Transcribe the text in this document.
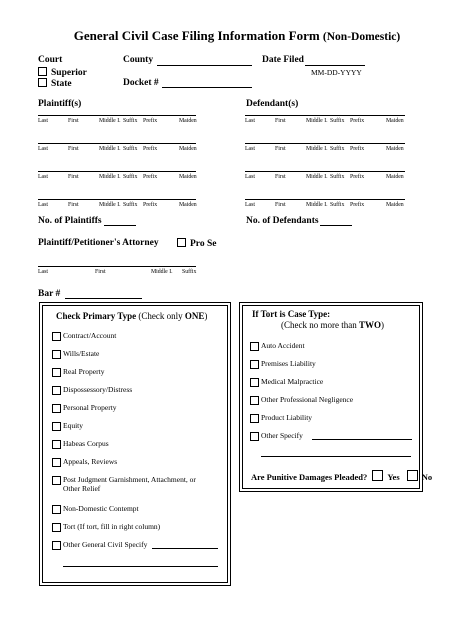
General Civil Case Filing Information Form (Non-Domestic)
Court
Superior
State
County
Docket #
Date Filed
MM-DD-YYYY
Plaintiff(s)	Defendant(s)
Last	First	Middle I. Suffix Prefix	Maiden
Last	First	Middle I. Suffix Prefix	Maiden
Last	First	Middle I. Suffix Prefix	Maiden
Last	First	Middle I. Suffix Prefix	Maiden
Last	First	Middle I. Suffix Prefix	Maiden
Last	First	Middle I. Suffix Prefix	Maiden
Last	First	Middle I. Suffix Prefix	Maiden
Last	First	Middle I. Suffix Prefix	Maiden
No. of Plaintiffs	No. of Defendants
Plaintiff/Petitioner's Attorney	Pro Se
Last	First	Middle I. Suffix
Bar #
Check Primary Type (Check only ONE)
Contract/Account
Wills/Estate
Real Property
Dispossessory/Distress
Personal Property
Equity
Habeas Corpus
Appeals, Reviews
Post Judgment Garnishment, Attachment, or
Other Relief
Non-Domestic Contempt
Tort (If tort, fill in right column)
Other General Civil Specify
If Tort is Case Type:
(Check no more than TWO)
Auto Accident
Premises Liability
Medical Malpractice
Other Professional Negligence
Product Liability
Other Specify
Are Punitive Damages Pleaded? Yes	No
